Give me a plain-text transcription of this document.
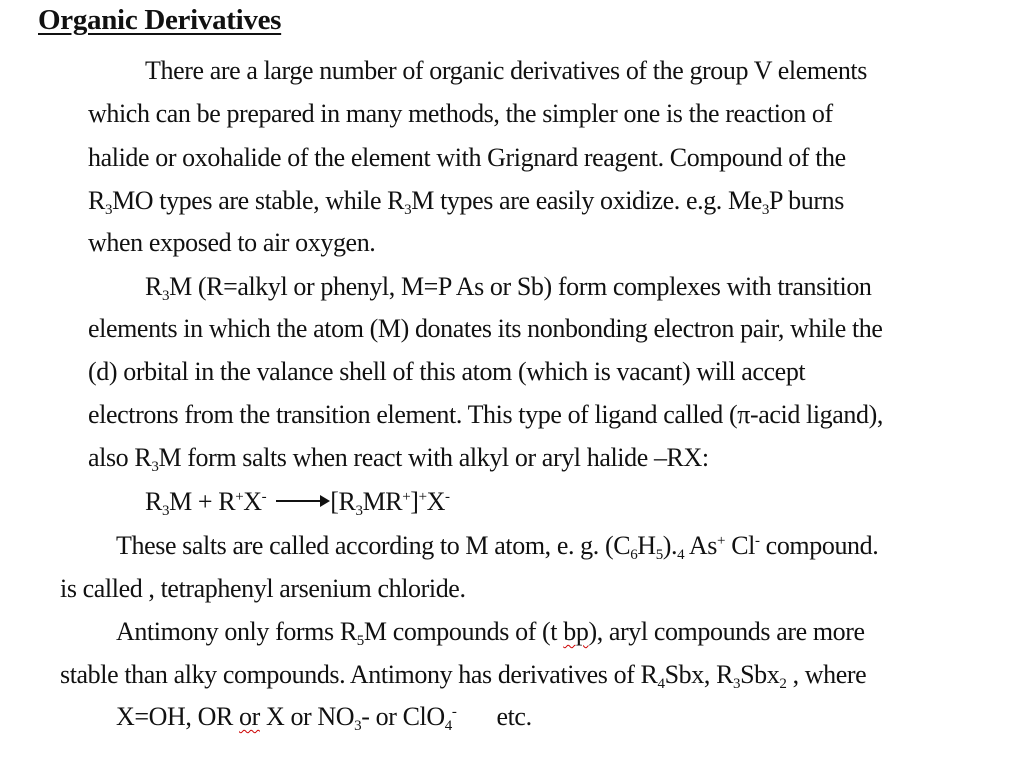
Organic Derivatives
There are a large number of organic derivatives of the group V elements
which can be prepared in many methods, the simpler one is the reaction of
halide or oxohalide of the element with Grignard reagent. Compound of the
$R_3MO$ types are stable, while $R_3M$ types are easily oxidize. e.g. $Me_3P$ burns
when exposed to air oxygen.
$R_3M$ (R=alkyl or phenyl, M=P As or Sb) form complexes with transition
elements in which the atom (M) donates its nonbonding electron pair, while the
(d) orbital in the valance shell of this atom (which is vacant) will accept
electrons from the transition element. This type of ligand called (π-acid ligand),
also $R_3M$ form salts when react with alkyl or aryl halide –RX:
$R_3M + R^+X^- \to [R_3MR^+]^+X^-$
These salts are called according to M atom, e. g. $(C_6H_5)._4$ As+ Cl- compound.
is called , tetraphenyl arsenium chloride.
Antimony only forms $R_5M$ compounds of (t bp), aryl compounds are more
stable than alky compounds. Antimony has derivatives of $R_4Sbx$, $R_3Sbx_2$ , where
X=OH, OR or X or $NO_3-$ or ClO$_4$- etc.
